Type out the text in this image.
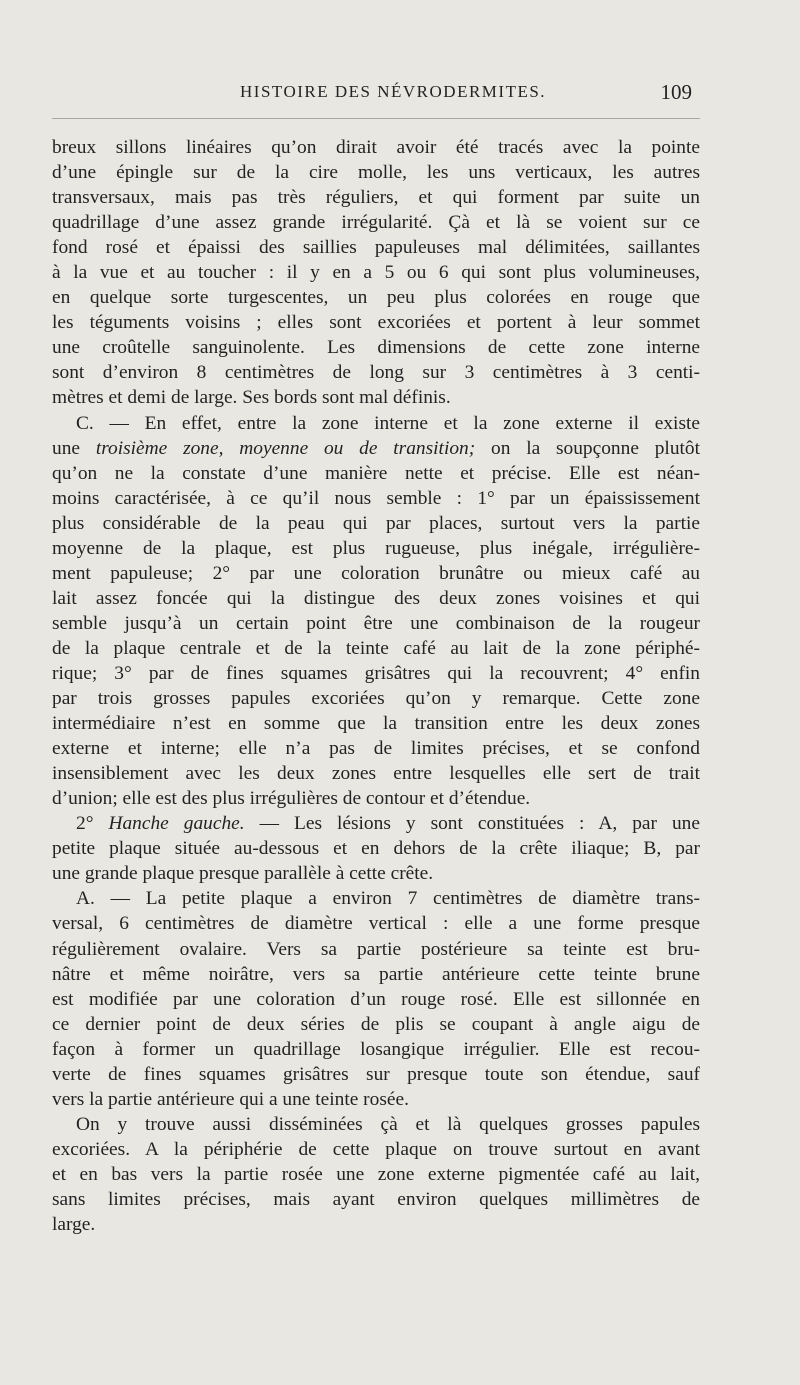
HISTOIRE DES NÉVRODERMITES.	109
breux sillons linéaires qu’on dirait avoir été tracés avec la pointe
d’une épingle sur de la cire molle, les uns verticaux, les autres
transversaux, mais pas très réguliers, et qui forment par suite un
quadrillage d’une assez grande irrégularité. Çà et là se voient sur ce
fond rosé et épaissi des saillies papuleuses mal délimitées, saillantes
à la vue et au toucher : il y en a 5 ou 6 qui sont plus volumineuses,
en quelque sorte turgescentes, un peu plus colorées en rouge que
les téguments voisins ; elles sont excoriées et portent à leur sommet
une croûtelle sanguinolente. Les dimensions de cette zone interne
sont d’environ 8 centimètres de long sur 3 centimètres à 3 centi-
mètres et demi de large. Ses bords sont mal définis.
C. — En effet, entre la zone interne et la zone externe il existe
une troisième zone, moyenne ou de transition; on la soupçonne plutôt
qu’on ne la constate d’une manière nette et précise. Elle est néan-
moins caractérisée, à ce qu’il nous semble : 1° par un épaississement
plus considérable de la peau qui par places, surtout vers la partie
moyenne de la plaque, est plus rugueuse, plus inégale, irrégulière-
ment papuleuse; 2° par une coloration brunâtre ou mieux café au
lait assez foncée qui la distingue des deux zones voisines et qui
semble jusqu’à un certain point être une combinaison de la rougeur
de la plaque centrale et de la teinte café au lait de la zone périphé-
rique; 3° par de fines squames grisâtres qui la recouvrent; 4° enfin
par trois grosses papules excoriées qu’on y remarque. Cette zone
intermédiaire n’est en somme que la transition entre les deux zones
externe et interne; elle n’a pas de limites précises, et se confond
insensiblement avec les deux zones entre lesquelles elle sert de trait
d’union; elle est des plus irrégulières de contour et d’étendue.
2° Hanche gauche. — Les lésions y sont constituées : A, par une
petite plaque située au-dessous et en dehors de la crête iliaque; B, par
une grande plaque presque parallèle à cette crête.
A. — La petite plaque a environ 7 centimètres de diamètre trans-
versal, 6 centimètres de diamètre vertical : elle a une forme presque
régulièrement ovalaire. Vers sa partie postérieure sa teinte est bru-
nâtre et même noirâtre, vers sa partie antérieure cette teinte brune
est modifiée par une coloration d’un rouge rosé. Elle est sillonnée en
ce dernier point de deux séries de plis se coupant à angle aigu de
façon à former un quadrillage losangique irrégulier. Elle est recou-
verte de fines squames grisâtres sur presque toute son étendue, sauf
vers la partie antérieure qui a une teinte rosée.
On y trouve aussi disséminées çà et là quelques grosses papules
excoriées. A la périphérie de cette plaque on trouve surtout en avant
et en bas vers la partie rosée une zone externe pigmentée café au lait,
sans limites précises, mais ayant environ quelques millimètres de
large.
